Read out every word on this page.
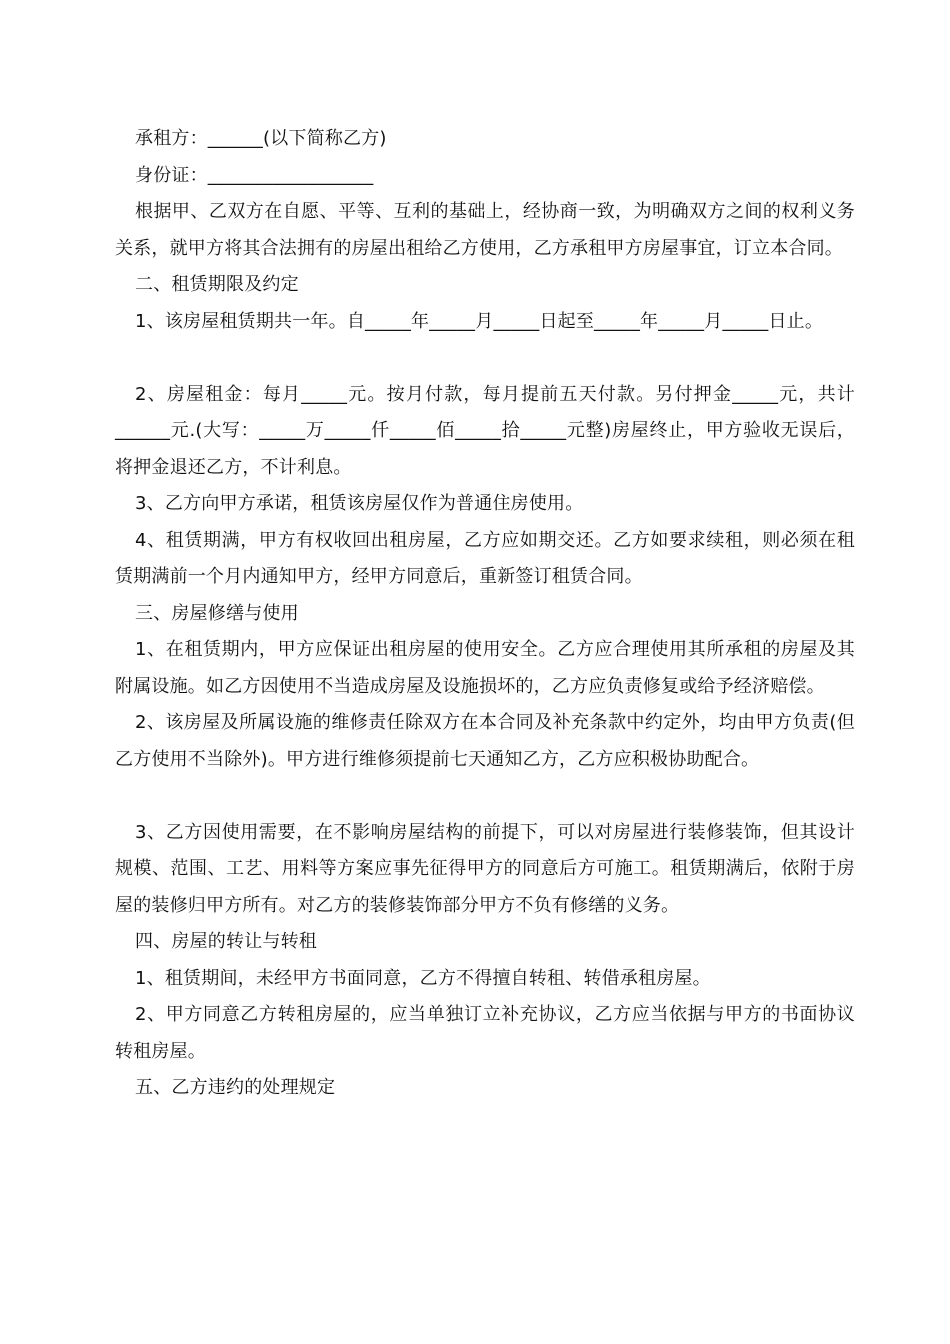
承租方：______(以下简称乙方)

身份证：__________________

根据甲、乙双方在自愿、平等、互利的基础上，经协商一致，为明确双方之间的权利义务关系，就甲方将其合法拥有的房屋出租给乙方使用，乙方承租甲方房屋事宜，订立本合同。

二、租赁期限及约定

1、该房屋租赁期共一年。自_____年_____月_____日起至_____年_____月_____日止。

2、房屋租金：每月_____元。按月付款，每月提前五天付款。另付押金_____元，共计______元.(大写：_____万_____仟_____佰_____拾_____元整)房屋终止，甲方验收无误后，将押金退还乙方，不计利息。

3、乙方向甲方承诺，租赁该房屋仅作为普通住房使用。

4、租赁期满，甲方有权收回出租房屋，乙方应如期交还。乙方如要求续租，则必须在租赁期满前一个月内通知甲方，经甲方同意后，重新签订租赁合同。

三、房屋修缮与使用

1、在租赁期内，甲方应保证出租房屋的使用安全。乙方应合理使用其所承租的房屋及其附属设施。如乙方因使用不当造成房屋及设施损坏的，乙方应负责修复或给予经济赔偿。

2、该房屋及所属设施的维修责任除双方在本合同及补充条款中约定外，均由甲方负责(但乙方使用不当除外)。甲方进行维修须提前七天通知乙方，乙方应积极协助配合。

3、乙方因使用需要，在不影响房屋结构的前提下，可以对房屋进行装修装饰，但其设计规模、范围、工艺、用料等方案应事先征得甲方的同意后方可施工。租赁期满后，依附于房屋的装修归甲方所有。对乙方的装修装饰部分甲方不负有修缮的义务。

四、房屋的转让与转租

1、租赁期间，未经甲方书面同意，乙方不得擅自转租、转借承租房屋。

2、甲方同意乙方转租房屋的，应当单独订立补充协议，乙方应当依据与甲方的书面协议转租房屋。

五、乙方违约的处理规定
